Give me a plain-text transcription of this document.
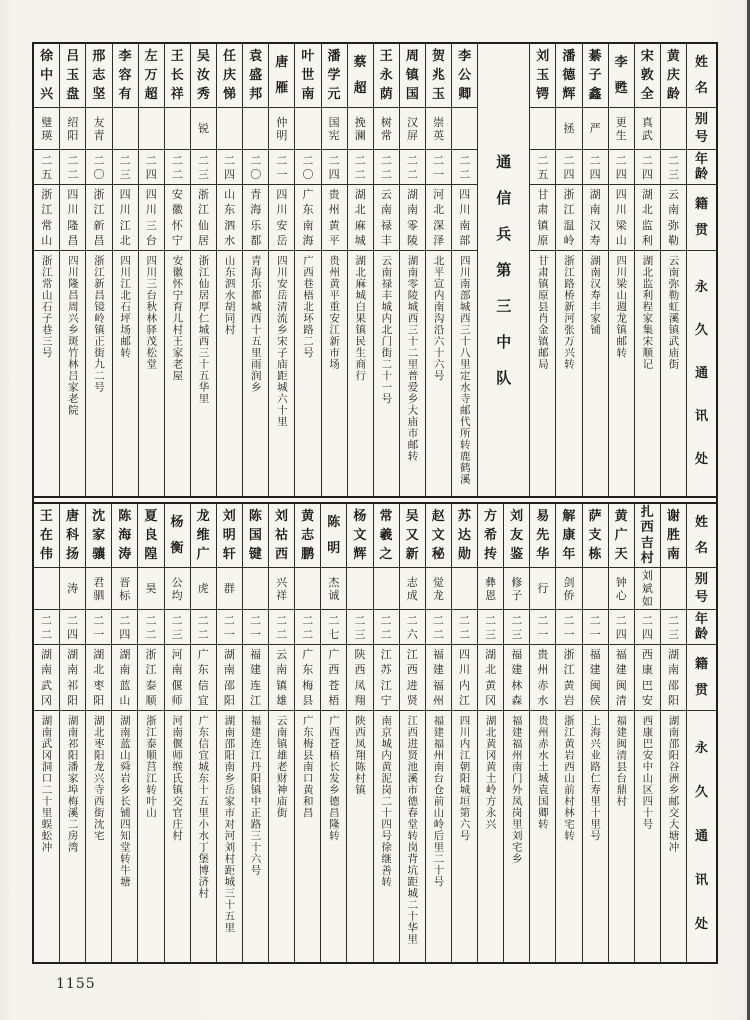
姓
名
别
号
年
龄
籍
贯
永
久
通
讯
处
黄
庆
龄
二
三
云
南
弥
勒
云南弥勒虹溪镇武庙街
宋
敦
全
真
武
二
四
湖
北
监
利
湖北监利程家集宋顺记
李
甦
更
生
二
四
四
川
梁
山
四川梁山週龙镇邮转
綦
子
鑫
严
二
四
湖
南
汉
寿
湖南汉寿丰家铺
潘
德
辉
拯
二
四
浙
江
温
岭
浙江路桥新河张万兴转
刘
玉
锷
二
五
甘
肃
镇
原
甘肃镇原县肖金镇邮局
通
信
兵
第
三
中
队
李
公
卿
二
二
四
川
南
部
四川南部城西三十八里定水寺邮代所转鹿鹤溪
贺
兆
玉
崇
英
二
一
河
北
深
泽
北平宣内南沟沿六十六号
周
镇
国
汉
屏
二
二
湖
南
零
陵
湖南零陵城西三十二里普爱乡大庙市邮转
王
永
荫
树
常
二
二
云
南
禄
丰
云南禄丰城内北门街二十一号
蔡
超
挽
澜
二
二
湖
北
麻
城
湖北麻城白果镇民生商行
潘
学
元
国
宪
二
四
贵
州
黄
平
贵州黄平重安江新市场
叶
世
南
二
〇
广
东
南
海
广西巷梧北环路二号
唐
雁
仲
明
二
一
四
川
安
岳
四川安岳清流乡宋子庙距城六十里
袁
盛
邦
二
〇
青
海
乐
都
青海乐都城西十五里雨润乡
任
庆
悌
二
四
山
东
泗
水
山东泗水胡同村
吴
汝
秀
锐
二
三
浙
江
仙
居
浙江仙居厚仁城西三十五华里
王
长
祥
二
二
安
徽
怀
宁
安徽怀宁育儿村王家老屋
左
万
超
二
四
四
川
三
台
四川三台秋林驿茂松堂
李
容
有
二
三
四
川
江
北
四川江北石坪场邮转
邢
志
坚
友
青
二
〇
浙
江
新
昌
浙江新昌镜岭镇正街九二号
吕
玉
盘
绍
阳
二
二
四
川
隆
昌
四川隆昌周兴乡斑竹林吕家老院
徐
中
兴
璧
瑛
二
五
浙
江
常
山
浙江常山石子巷三号
姓
名
别
号
年
龄
籍
贯
永
久
通
讯
处
谢
胜
南
二
三
湖
南
邵
阳
湖南邵阳谷洲乡邮交大塘冲
扎
西
吉
村
刘
斌
如
二
四
西
康
巴
安
西康巴安中山区四十号
黄
广
天
钟
心
二
四
福
建
闽
清
福建闽清县台鼎村
萨
支
栋
二
一
福
建
闽
侯
上海兴业路仁寿里十里号
解
康
年
剑
侨
二
一
浙
江
黄
岩
浙江黄岩西山前村林宅转
易
先
华
行
二
一
贵
州
赤
水
贵州赤水土城袁国卿转
刘
友
鉴
修
子
二
三
福
建
林
森
福建福州南门外凤岗里刘宅乡
方
希
抟
彝
恩
二
三
湖
北
黄
冈
湖北黄冈黄土岭方永兴
苏
达
勋
二
二
四
川
内
江
四川内江朝阳城垣第六号
赵
文
秘
觉
龙
二
二
福
建
福
州
福建福州南台仓前山岭后里二十号
吴
又
新
志
成
二
六
江
西
进
贤
江西进贤池溪市德春堂转岗背坑距城二十华里
常
羲
之
二
二
江
苏
江
宁
南京城内黄泥岗二十四号徐继善转
杨
文
辉
二
三
陕
西
凤
翔
陕西凤翔陈村镇
陈
明
杰
诚
二
七
广
西
苍
梧
广西苍梧长发乡德昌隆转
黄
志
鹏
二
二
广
东
梅
县
广东梅县南口黄和昌
刘
祜
西
兴
祥
二
二
云
南
镇
雄
云南镇雄老财神庙街
陈
国
键
二
一
福
建
连
江
福建连江丹阳镇中正路三十六号
刘
明
轩
群
二
一
湖
南
邵
阳
湖南邵阳南乡岳家市对河刘村距城三十五里
龙
维
广
虎
二
二
广
东
信
宜
广东信宜城东十五里小水丁堡博济村
杨
衡
公
均
二
三
河
南
偃
师
河南偃师缑氏镇交官庄村
夏
良
隍
昊
二
二
浙
江
泰
顺
浙江泰顺莒江转叶山
陈
海
涛
晋
标
二
四
湖
南
蓝
山
湖南蓝山舜岩乡长铺四知堂转牛塘
沈
家
骧
君
驷
二
一
湖
北
枣
阳
湖北枣阳龙兴寺西街沈宅
唐
科
扬
涛
二
四
湖
南
祁
阳
湖南祁阳潘家埠梅溪二房湾
王
在
伟
二
二
湖
南
武
冈
湖南武冈洞口二十里蜈蚣冲
1155
